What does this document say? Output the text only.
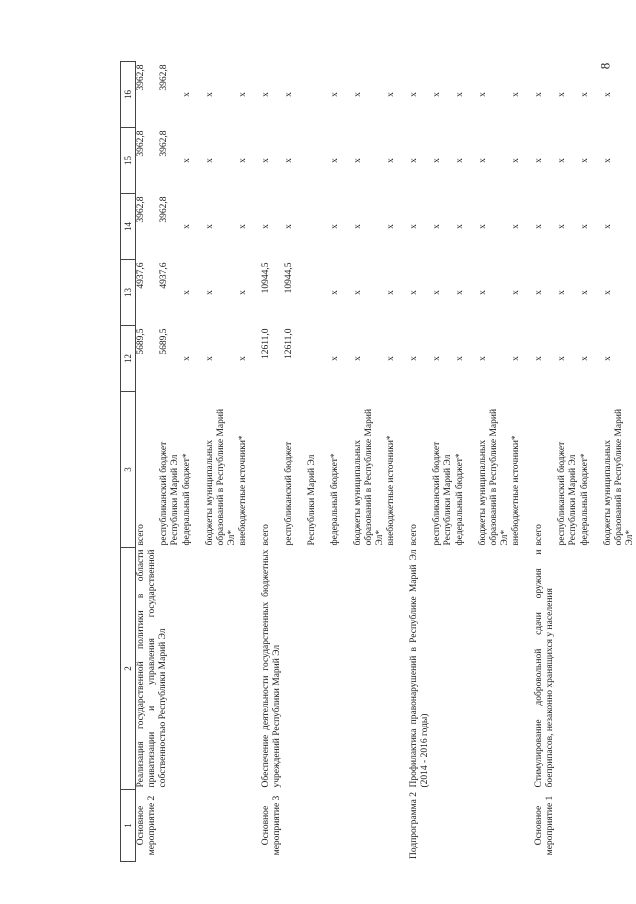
8
1	2	3	12	13	14	15	16
Основное мероприятие 2	Реализация государственной политики в области приватизации и управления государственной собственностью Республики Марий Эл	всего	5689,5	4937,6	3962,8	3962,8	3962,8
		республиканский бюджет Республики Марий Эл	5689,5	4937,6	3962,8	3962,8	3962,8
		федеральный бюджет*	x	x	x	x	x
		бюджеты муниципальных образований в Республике Марий Эл*	x	x	x	x	x
		внебюджетные источники*	x	x	x	x	x
Основное мероприятие 3	Обеспечение деятельности государственных бюджетных учреждений Республики Марий Эл	всего	12611,0	10944,5	x	x	x
		республиканский бюджет	12611,0	10944,5	x	x	x
		Республики Марий Эл					
		федеральный бюджет*	x	x	x	x	x
		бюджеты муниципальных образований в Республике Марий Эл*	x	x	x	x	x
		внебюджетные источники*	x	x	x	x	x
Подпрограмма 2	Профилактика правонарушений в Республике Марий Эл (2014 - 2016 годы)	всего	x	x	x	x	x
		республиканский бюджет Республики Марий Эл	x	x	x	x	x
		федеральный бюджет*	x	x	x	x	x
		бюджеты муниципальных образований в Республике Марий Эл*	x	x	x	x	x
		внебюджетные источники*	x	x	x	x	x
Основное мероприятие 1	Стимулирование добровольной сдачи оружия и боеприпасов, незаконно хранящихся у населения	всего	x	x	x	x	x
		республиканский бюджет Республики Марий Эл	x	x	x	x	x
		федеральный бюджет*	x	x	x	x	x
		бюджеты муниципальных образований в Республике Марий Эл*	x	x	x	x	x
